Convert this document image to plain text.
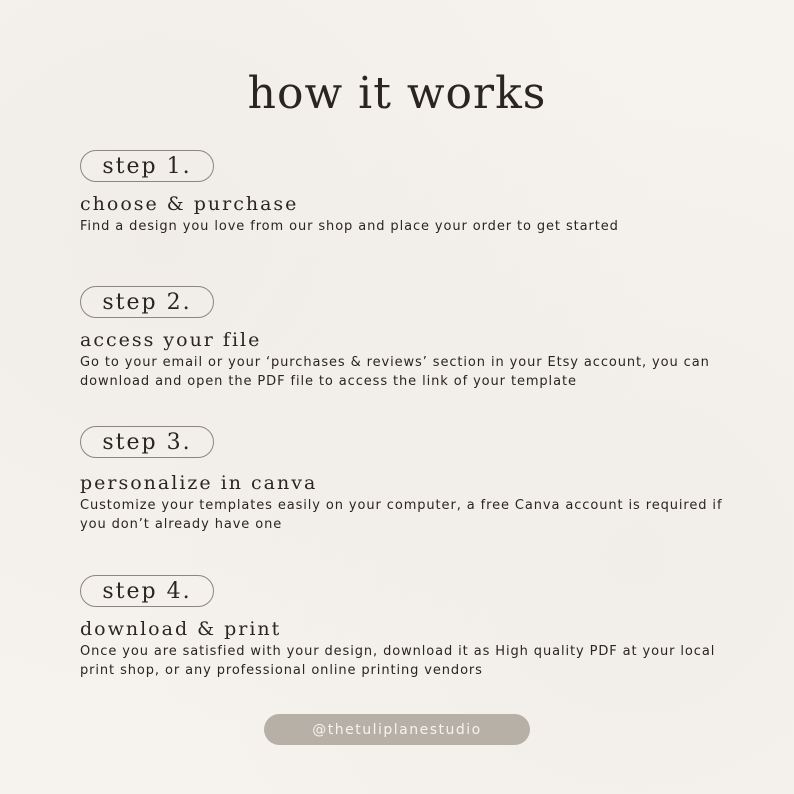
how it works
step 1.
choose & purchase
Find a design you love from our shop and place your order to get started
step 2.
access your file
Go to your email or your ‘purchases & reviews’ section in your Etsy account, you can download and open the PDF file to access the link of your template
step 3.
personalize in canva
Customize your templates easily on your computer, a free Canva account is required if you don’t already have one
step 4.
download & print
Once you are satisfied with your design, download it as High quality PDF at your local print shop, or any professional online printing vendors
@thetuliplanestudio
